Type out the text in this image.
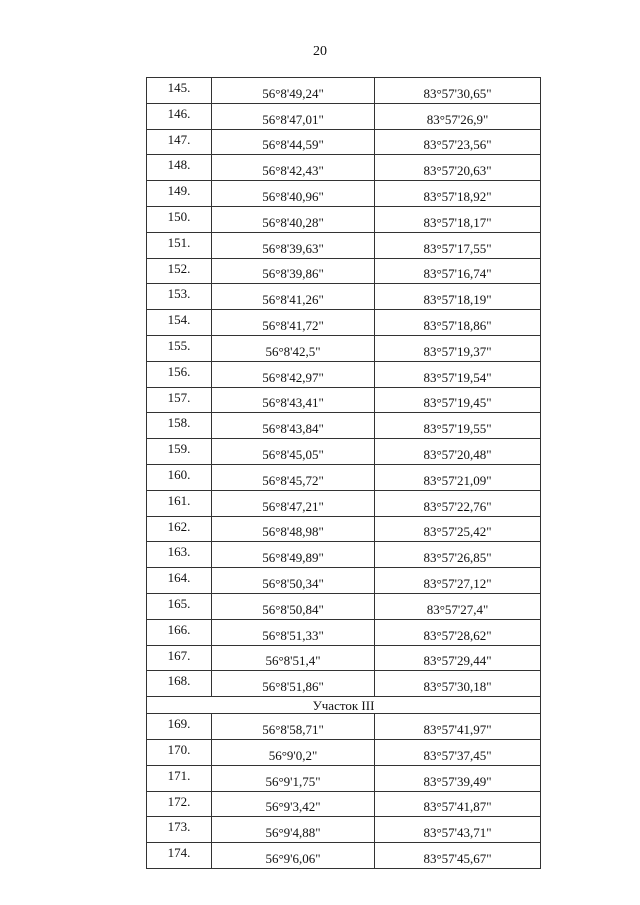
20
145.	56°8'49,24"	83°57'30,65"
146.	56°8'47,01"	83°57'26,9"
147.	56°8'44,59"	83°57'23,56"
148.	56°8'42,43"	83°57'20,63"
149.	56°8'40,96"	83°57'18,92"
150.	56°8'40,28"	83°57'18,17"
151.	56°8'39,63"	83°57'17,55"
152.	56°8'39,86"	83°57'16,74"
153.	56°8'41,26"	83°57'18,19"
154.	56°8'41,72"	83°57'18,86"
155.	56°8'42,5"	83°57'19,37"
156.	56°8'42,97"	83°57'19,54"
157.	56°8'43,41"	83°57'19,45"
158.	56°8'43,84"	83°57'19,55"
159.	56°8'45,05"	83°57'20,48"
160.	56°8'45,72"	83°57'21,09"
161.	56°8'47,21"	83°57'22,76"
162.	56°8'48,98"	83°57'25,42"
163.	56°8'49,89"	83°57'26,85"
164.	56°8'50,34"	83°57'27,12"
165.	56°8'50,84"	83°57'27,4"
166.	56°8'51,33"	83°57'28,62"
167.	56°8'51,4"	83°57'29,44"
168.	56°8'51,86"	83°57'30,18"
Участок III		
169.	56°8'58,71"	83°57'41,97"
170.	56°9'0,2"	83°57'37,45"
171.	56°9'1,75"	83°57'39,49"
172.	56°9'3,42"	83°57'41,87"
173.	56°9'4,88"	83°57'43,71"
174.	56°9'6,06"	83°57'45,67"
